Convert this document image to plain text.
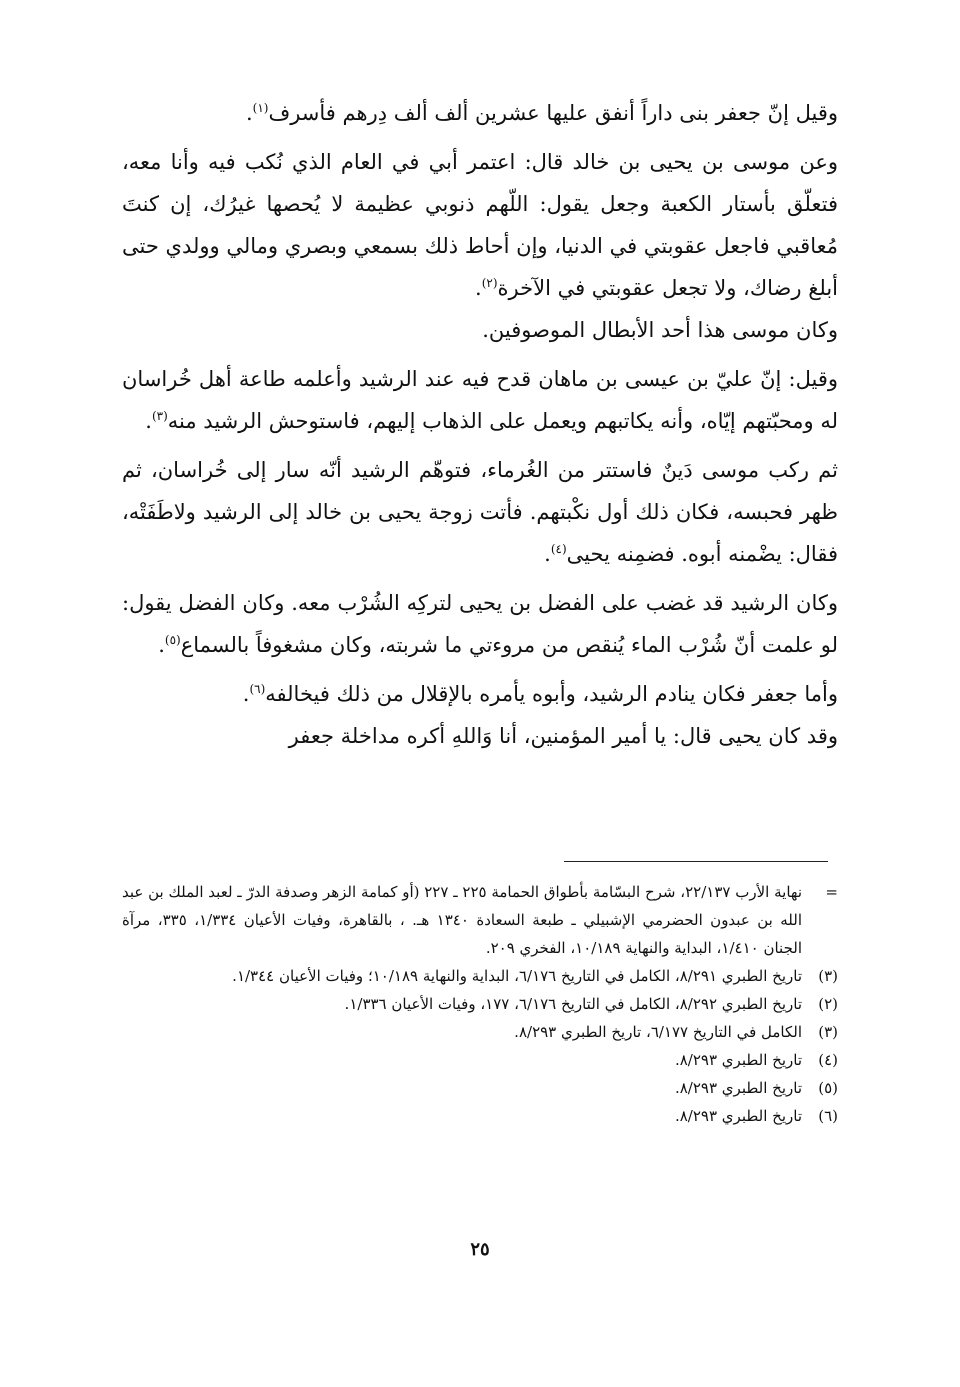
وقيل إنّ جعفر بنى داراً أنفق عليها عشرين ألف ألف دِرهم فأسرف$^{(١)}$.

وعن موسى بن يحيى بن خالد قال: اعتمر أبي في العام الذي نُكب فيه وأنا معه، فتعلّق بأستار الكعبة وجعل يقول: اللّهم ذنوبي عظيمة لا يُحصها غيرُك، إن كنتَ مُعاقبي فاجعل عقوبتي في الدنيا، وإن أحاط ذلك بسمعي وبصري ومالي وولدي حتى أبلغ رضاك، ولا تجعل عقوبتي في الآخرة$^{(٢)}$.

وكان موسى هذا أحد الأبطال الموصوفين.

وقيل: إنّ عليّ بن عيسى بن ماهان قدح فيه عند الرشيد وأعلمه طاعة أهل خُراسان له ومحبّتهم إيّاه، وأنه يكاتبهم ويعمل على الذهاب إليهم، فاستوحش الرشيد منه$^{(٣)}$.

ثم ركب موسى دَينٌ فاستتر من الغُرماء، فتوهّم الرشيد أنّه سار إلى خُراسان، ثم ظهر فحبسه، فكان ذلك أول نكْبتهم. فأتت زوجة يحيى بن خالد إلى الرشيد ولاطَفَتْه، فقال: يضْمنه أبوه. فضمِنه يحيى$^{(٤)}$.

وكان الرشيد قد غضب على الفضل بن يحيى لتركِه الشُرْب معه. وكان الفضل يقول: لو علمت أنّ شُرْب الماء يُنقص من مروءتي ما شربته، وكان مشغوفاً بالسماع$^{(٥)}$.

وأما جعفر فكان ينادم الرشيد، وأبوه يأمره بالإقلال من ذلك فيخالفه$^{(٦)}$.

وقد كان يحيى قال: يا أمير المؤمنين، أنا وَاللهِ أكره مداخلة جعفر

=
نهاية الأرب ٢٢/١٣٧، شرح البسّامة بأطواق الحمامة ٢٢٥ ـ ٢٢٧ (أو كمامة الزهر وصدفة الدرّ ـ لعبد الملك بن عبد الله بن عبدون الحضرمي الإشبيلي ـ طبعة السعادة ١٣٤٠ هـ. ، بالقاهرة، وفيات الأعيان ١/٣٣٤، ٣٣٥، مرآة الجنان ١/٤١٠، البداية والنهاية ١٠/١٨٩، الفخري ٢٠٩.
(٣)
تاريخ الطبري ٨/٢٩١، الكامل في التاريخ ٦/١٧٦، البداية والنهاية ١٠/١٨٩؛ وفيات الأعيان ١/٣٤٤.
(٢)
تاريخ الطبري ٨/٢٩٢، الكامل في التاريخ ٦/١٧٦، ١٧٧، وفيات الأعيان ١/٣٣٦.
(٣)
الكامل في التاريخ ٦/١٧٧، تاريخ الطبري ٨/٢٩٣.
(٤)
تاريخ الطبري ٨/٢٩٣.
(٥)
تاريخ الطبري ٨/٢٩٣.
(٦)
تاريخ الطبري ٨/٢٩٣.
٢٥
